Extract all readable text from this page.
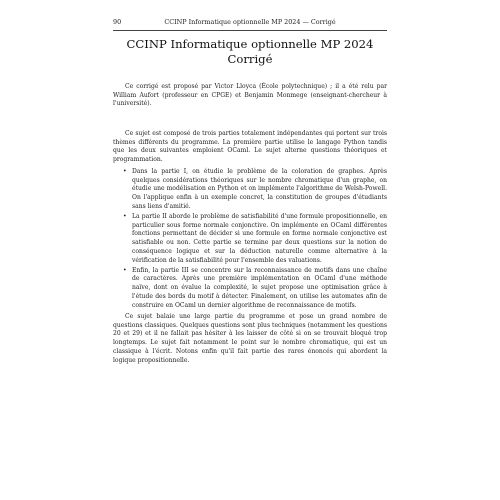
90	CCINP Informatique optionnelle MP 2024 — Corrigé
CCINP Informatique optionnelle MP 2024
Corrigé

Ce corrigé est proposé par Victor Lloyca (École polytechnique) ; il a été relu par William Aufort (professeur en CPGE) et Benjamin Monmege (enseignant-chercheur à l'université).

Ce sujet est composé de trois parties totalement indépendantes qui portent sur trois thèmes différents du programme. La première partie utilise le langage Python tandis que les deux suivantes emploient OCaml. Le sujet alterne questions théoriques et programmation.

• Dans la partie I, on étudie le problème de la coloration de graphes. Après quelques considérations théoriques sur le nombre chromatique d'un graphe, on étudie une modélisation en Python et on implémente l'algorithme de Welsh-Powell. On l'applique enfin à un exemple concret, la constitution de groupes d'étudiants sans liens d'amitié.
• La partie II aborde le problème de satisfiabilité d'une formule propositionnelle, en particulier sous forme normale conjonctive. On implémente en OCaml différentes fonctions permettant de décider si une formule en forme normale conjonctive est satisfiable ou non. Cette partie se termine par deux questions sur la notion de conséquence logique et sur la déduction naturelle comme alternative à la vérification de la satisfiabilité pour l'ensemble des valuations.
• Enfin, la partie III se concentre sur la reconnaissance de motifs dans une chaîne de caractères. Après une première implémentation en OCaml d'une méthode naïve, dont on évalue la complexité, le sujet propose une optimisation grâce à l'étude des bords du motif à détecter. Finalement, on utilise les automates afin de construire en OCaml un dernier algorithme de reconnaissance de motifs.

Ce sujet balaie une large partie du programme et pose un grand nombre de questions classiques. Quelques questions sont plus techniques (notamment les questions 20 et 29) et il ne fallait pas hésiter à les laisser de côté si on se trouvait bloqué trop longtemps. Le sujet fait notamment le point sur le nombre chromatique, qui est un classique à l'écrit. Notons enfin qu'il fait partie des rares énoncés qui abordent la logique propositionnelle.
